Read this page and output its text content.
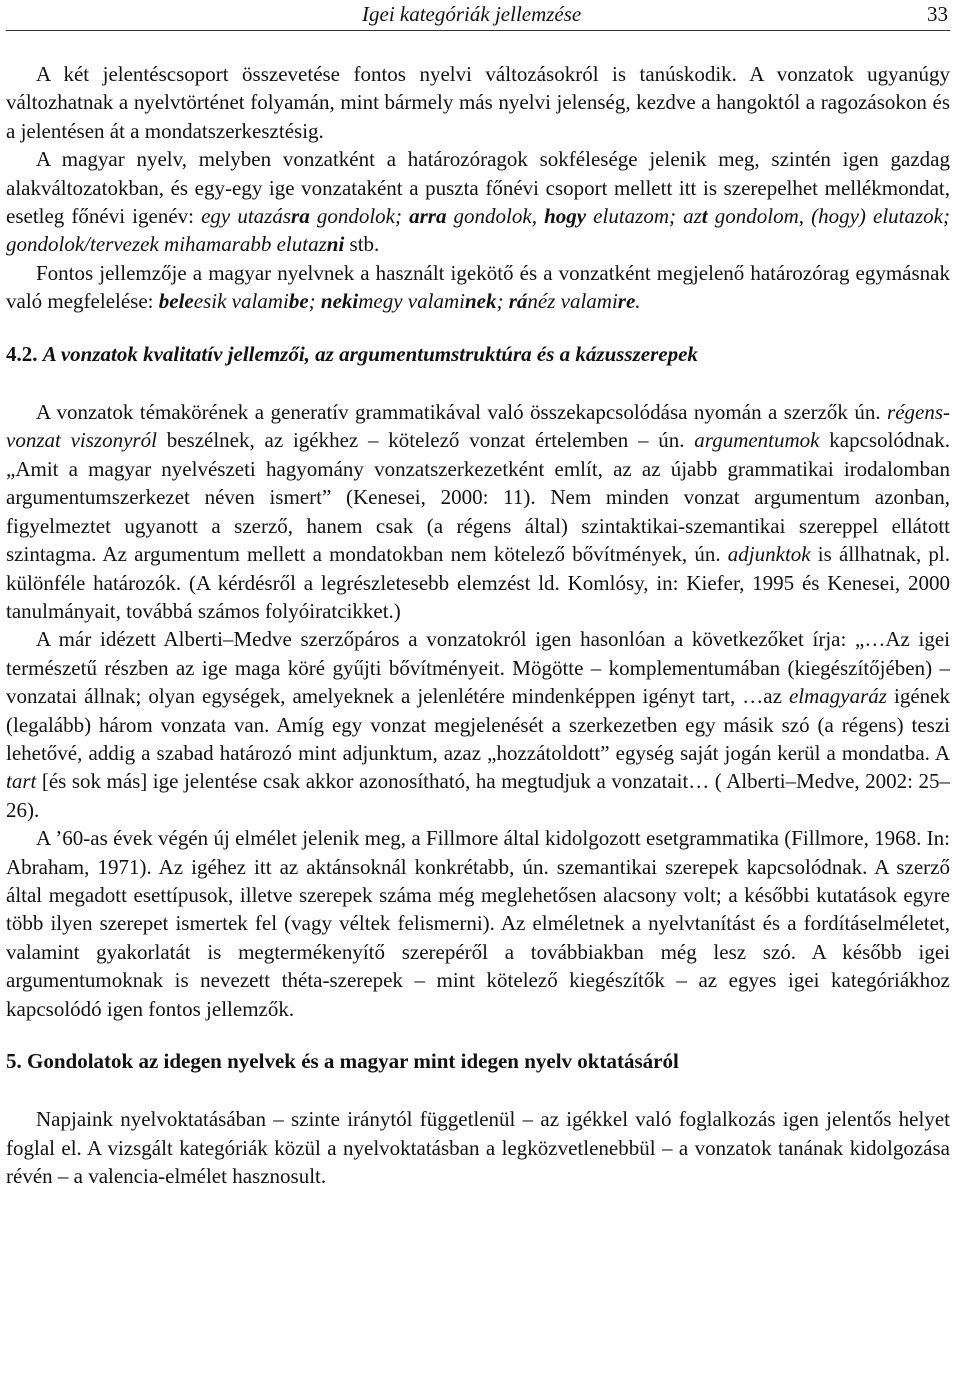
Igei kategóriák jellemzése	33

A két jelentéscsoport összevetése fontos nyelvi változásokról is tanúskodik. A vonzatok ugyanúgy változhatnak a nyelvtörténet folyamán, mint bármely más nyelvi jelenség, kezdve a hangoktól a ragozásokon és a jelentésen át a mondatszerkesztésig.

A magyar nyelv, melyben vonzatként a határozóragok sokfélesége jelenik meg, szintén igen gazdag alakváltozatokban, és egy-egy ige vonzataként a puszta főnévi csoport mellett itt is szerepelhet mellékmondat, esetleg főnévi igenév: egy utazásra gondolok; arra gondolok, hogy elutazom; azt gondolom, (hogy) elutazok; gondolok/tervezek mihamarabb elutazni stb.

Fontos jellemzője a magyar nyelvnek a használt igekötő és a vonzatként megjelenő határozórag egymásnak való megfelelése: beleesik valamibe; nekimegy valaminek; ránéz valamire.

4.2. A vonzatok kvalitatív jellemzői, az argumentumstruktúra és a kázusszerepek

A vonzatok témakörének a generatív grammatikával való összekapcsolódása nyomán a szerzők ún. régens-vonzat viszonyról beszélnek, az igékhez – kötelező vonzat értelemben – ún. argumentumok kapcsolódnak. „Amit a magyar nyelvészeti hagyomány vonzatszerkezetként említ, az az újabb grammatikai irodalomban argumentumszerkezet néven ismert” (Kenesei, 2000: 11). Nem minden vonzat argumentum azonban, figyelmeztet ugyanott a szerző, hanem csak (a régens által) szintaktikai-szemantikai szereppel ellátott szintagma. Az argumentum mellett a mondatokban nem kötelező bővítmények, ún. adjunktok is állhatnak, pl. különféle határozók. (A kérdésről a legrészletesebb elemzést ld. Komlósy, in: Kiefer, 1995 és Kenesei, 2000 tanulmányait, továbbá számos folyóiratcikket.)

A már idézett Alberti–Medve szerzőpáros a vonzatokról igen hasonlóan a következőket írja: „…Az igei természetű részben az ige maga köré gyűjti bővítményeit. Mögötte – komplementumában (kiegészítőjében) – vonzatai állnak; olyan egységek, amelyeknek a jelenlétére mindenképpen igényt tart, …az elmagyaráz igének (legalább) három vonzata van. Amíg egy vonzat megjelenését a szerkezetben egy másik szó (a régens) teszi lehetővé, addig a szabad határozó mint adjunktum, azaz „hozzátoldott” egység saját jogán kerül a mondatba. A tart [és sok más] ige jelentése csak akkor azonosítható, ha megtudjuk a vonzatait… ( Alberti–Medve, 2002: 25–26).

A ’60-as évek végén új elmélet jelenik meg, a Fillmore által kidolgozott esetgrammatika (Fillmore, 1968. In: Abraham, 1971). Az igéhez itt az aktánsoknál konkrétabb, ún. szemantikai szerepek kapcsolódnak. A szerző által megadott esettípusok, illetve szerepek száma még meglehetősen alacsony volt; a későbbi kutatások egyre több ilyen szerepet ismertek fel (vagy véltek felismerni). Az elméletnek a nyelvtanítást és a fordításelméletet, valamint gyakorlatát is megtermékenyítő szerepéről a továbbiakban még lesz szó. A később igei argumentumoknak is nevezett théta-szerepek – mint kötelező kiegészítők – az egyes igei kategóriákhoz kapcsolódó igen fontos jellemzők.

5. Gondolatok az idegen nyelvek és a magyar mint idegen nyelv oktatásáról

Napjaink nyelvoktatásában – szinte iránytól függetlenül – az igékkel való foglalkozás igen jelentős helyet foglal el. A vizsgált kategóriák közül a nyelvoktatásban a legközvetlenebbül – a vonzatok tanának kidolgozása révén – a valencia-elmélet hasznosult.
